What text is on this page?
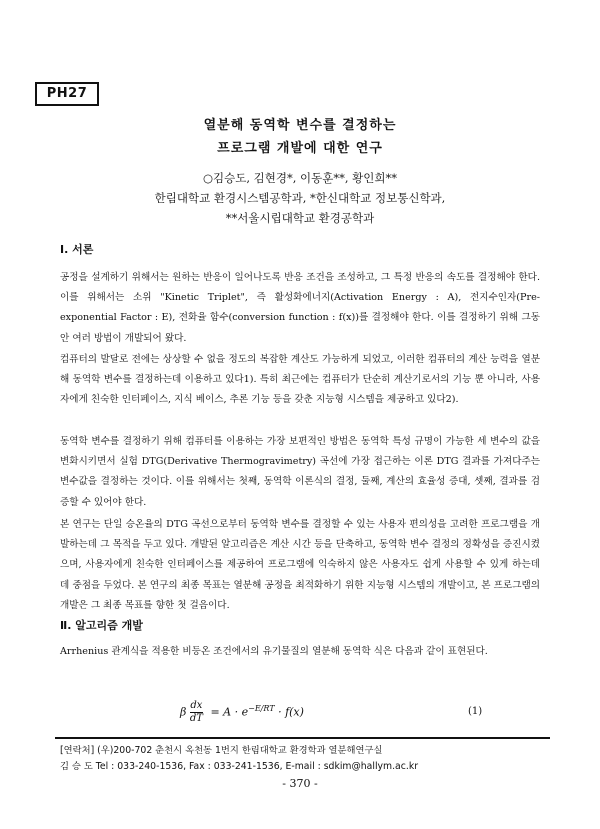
PH27
열분해 동역학 변수를 결정하는
프로그램 개발에 대한 연구
○김승도, 김현경*, 이동훈**, 황인희**
한림대학교 환경시스템공학과, *한신대학교 정보통신학과,
**서울시립대학교 환경공학과
Ⅰ. 서론

공정을 설계하기 위해서는 원하는 반응이 일어나도록 반응 조건을 조성하고, 그 특정 반응의 속도를 결정해야 한다. 이를 위해서는 소위 "Kinetic Triplet", 즉 활성화에너지(Activation Energy : A), 전지수인자(Pre-exponential Factor : E), 전화율 함수(conversion function : f(x))를 결정해야 한다. 이를 결정하기 위해 그동안 여러 방법이 개발되어 왔다.

컴퓨터의 발달로 전에는 상상할 수 없을 정도의 복잡한 계산도 가능하게 되었고, 이러한 컴퓨터의 계산 능력을 열분해 동역학 변수를 결정하는데 이용하고 있다1). 특히 최근에는 컴퓨터가 단순히 계산기로서의 기능 뿐 아니라, 사용자에게 친숙한 인터페이스, 지식 베이스, 추론 기능 등을 갖춘 지능형 시스템을 제공하고 있다2).

동역학 변수를 결정하기 위해 컴퓨터를 이용하는 가장 보편적인 방법은 동역학 특성 규명이 가능한 세 변수의 값을 변화시키면서 실험 DTG(Derivative Thermogravimetry) 곡선에 가장 접근하는 이론 DTG 결과를 가져다주는 변수값을 결정하는 것이다. 이를 위해서는 첫째, 동역학 이론식의 결정, 둘째, 계산의 효율성 증대, 셋째, 결과를 검증할 수 있어야 한다.

본 연구는 단일 승온율의 DTG 곡선으로부터 동역학 변수를 결정할 수 있는 사용자 편의성을 고려한 프로그램을 개발하는데 그 목적을 두고 있다. 개발된 알고리즘은 계산 시간 등을 단축하고, 동역학 변수 결정의 정확성을 증진시켰으며, 사용자에게 친숙한 인터페이스를 제공하여 프로그램에 익숙하지 않은 사용자도 쉽게 사용할 수 있게 하는데 데 중점을 두었다. 본 연구의 최종 목표는 열분해 공정을 최적화하기 위한 지능형 시스템의 개발이고, 본 프로그램의 개발은 그 최종 목표를 향한 첫 걸음이다.

Ⅱ. 알고리즘 개발

Arrhenius 관계식을 적용한 비등온 조건에서의 유기물질의 열분해 동역학 식은 다음과 같이 표현된다.

β $\frac{dx}{dT} = A \cdot e^{-E/RT} \cdot f(x)$	(1)
[연락처] (우)200-702 춘천시 옥천동 1번지 한림대학교 환경학과 열분해연구실
김 승 도 Tel : 033-240-1536, Fax : 033-241-1536, E-mail : sdkim@hallym.ac.kr
- 370 -
